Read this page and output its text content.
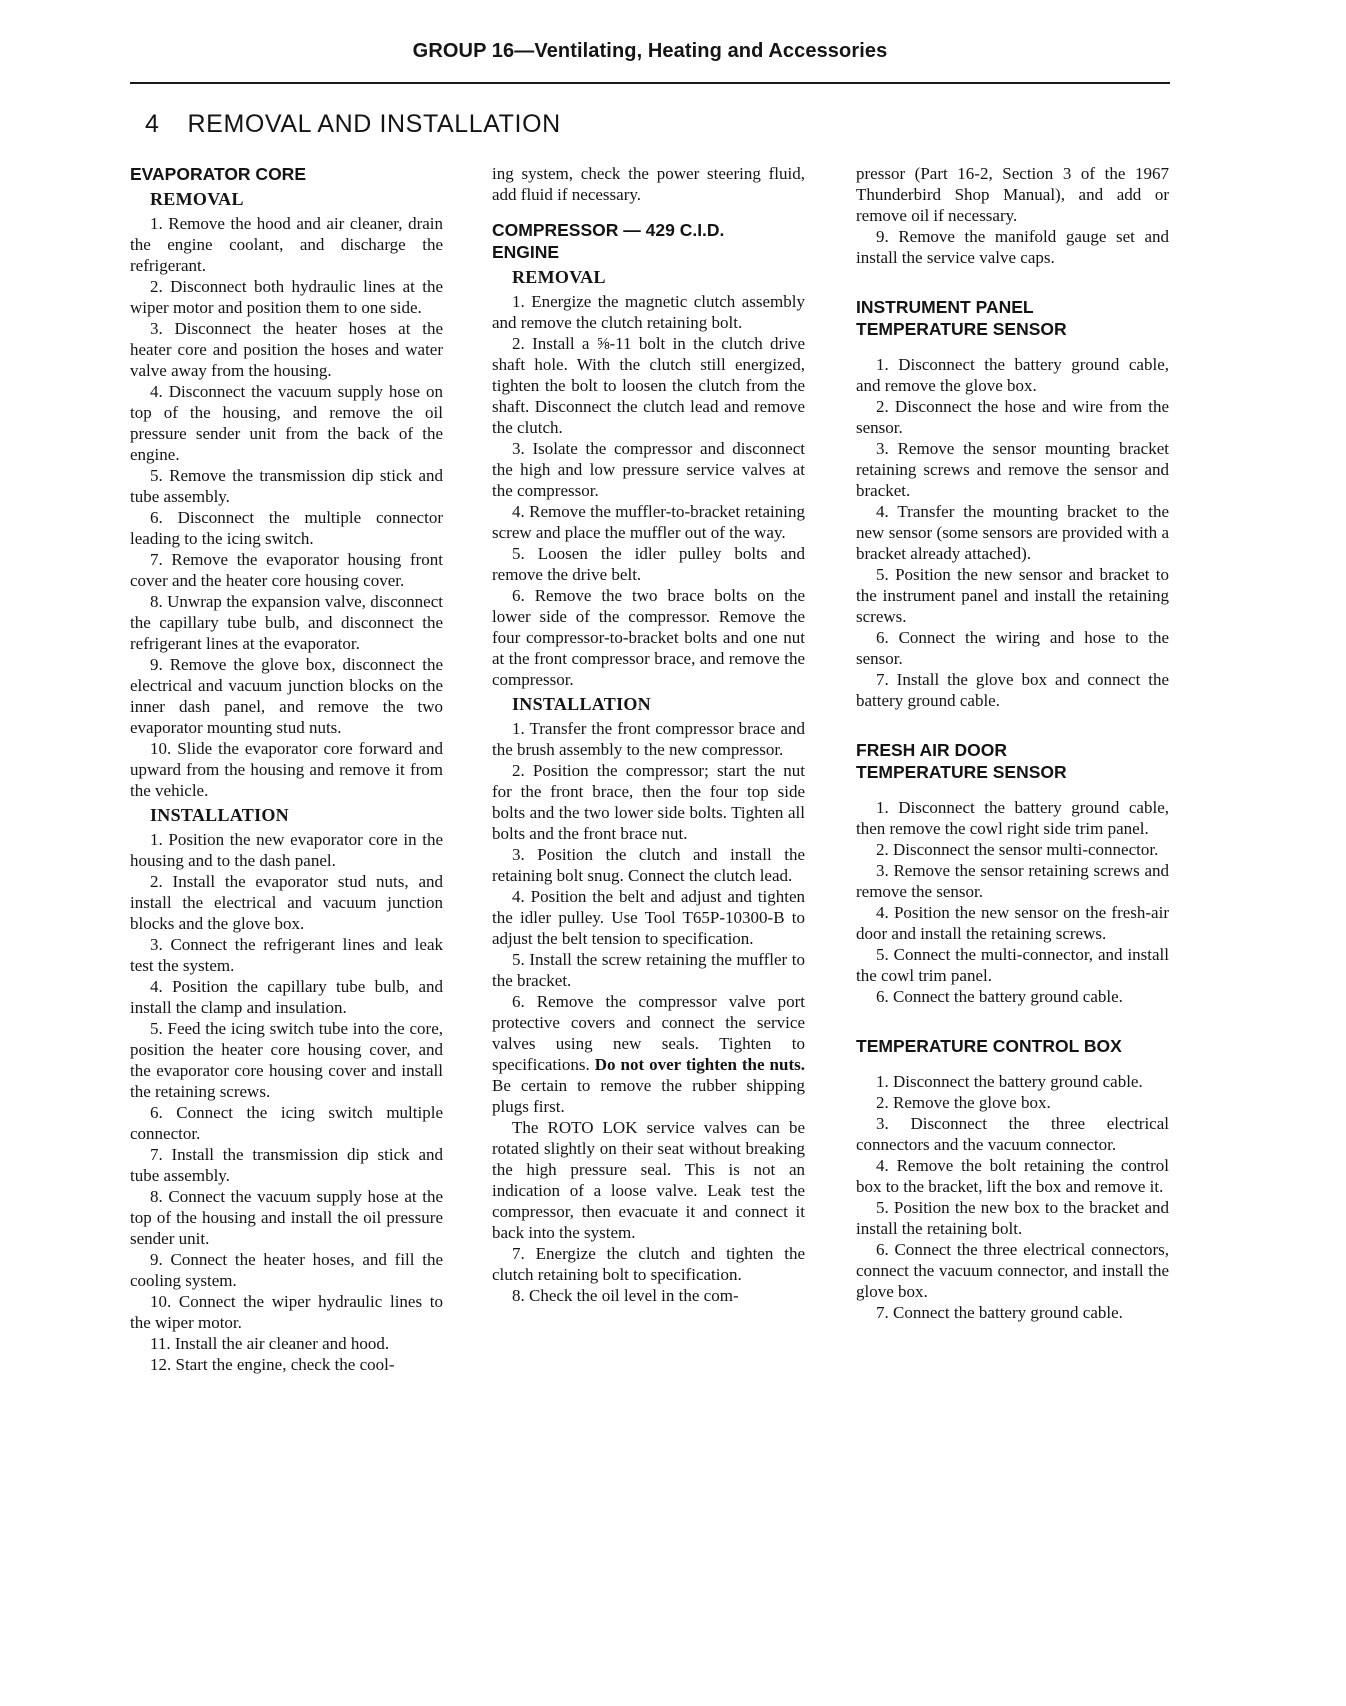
GROUP 16—Ventilating, Heating and Accessories
4 REMOVAL AND INSTALLATION
EVAPORATOR CORE
REMOVAL

1. Remove the hood and air cleaner, drain the engine coolant, and discharge the refrigerant.

2. Disconnect both hydraulic lines at the wiper motor and position them to one side.

3. Disconnect the heater hoses at the heater core and position the hoses and water valve away from the housing.

4. Disconnect the vacuum supply hose on top of the housing, and remove the oil pressure sender unit from the back of the engine.

5. Remove the transmission dip stick and tube assembly.

6. Disconnect the multiple connector leading to the icing switch.

7. Remove the evaporator housing front cover and the heater core housing cover.

8. Unwrap the expansion valve, disconnect the capillary tube bulb, and disconnect the refrigerant lines at the evaporator.

9. Remove the glove box, disconnect the electrical and vacuum junction blocks on the inner dash panel, and remove the two evaporator mounting stud nuts.

10. Slide the evaporator core forward and upward from the housing and remove it from the vehicle.

INSTALLATION

1. Position the new evaporator core in the housing and to the dash panel.

2. Install the evaporator stud nuts, and install the electrical and vacuum junction blocks and the glove box.

3. Connect the refrigerant lines and leak test the system.

4. Position the capillary tube bulb, and install the clamp and insulation.

5. Feed the icing switch tube into the core, position the heater core housing cover, and the evaporator core housing cover and install the retaining screws.

6. Connect the icing switch multiple connector.

7. Install the transmission dip stick and tube assembly.

8. Connect the vacuum supply hose at the top of the housing and install the oil pressure sender unit.

9. Connect the heater hoses, and fill the cooling system.

10. Connect the wiper hydraulic lines to the wiper motor.

11. Install the air cleaner and hood.

12. Start the engine, check the cool-

ing system, check the power steering fluid, add fluid if necessary.

COMPRESSOR — 429 C.I.D.
ENGINE
REMOVAL

1. Energize the magnetic clutch assembly and remove the clutch retaining bolt.

2. Install a ⅝-11 bolt in the clutch drive shaft hole. With the clutch still energized, tighten the bolt to loosen the clutch from the shaft. Disconnect the clutch lead and remove the clutch.

3. Isolate the compressor and disconnect the high and low pressure service valves at the compressor.

4. Remove the muffler-to-bracket retaining screw and place the muffler out of the way.

5. Loosen the idler pulley bolts and remove the drive belt.

6. Remove the two brace bolts on the lower side of the compressor. Remove the four compressor-to-bracket bolts and one nut at the front compressor brace, and remove the compressor.

INSTALLATION

1. Transfer the front compressor brace and the brush assembly to the new compressor.

2. Position the compressor; start the nut for the front brace, then the four top side bolts and the two lower side bolts. Tighten all bolts and the front brace nut.

3. Position the clutch and install the retaining bolt snug. Connect the clutch lead.

4. Position the belt and adjust and tighten the idler pulley. Use Tool T65P-10300-B to adjust the belt tension to specification.

5. Install the screw retaining the muffler to the bracket.

6. Remove the compressor valve port protective covers and connect the service valves using new seals. Tighten to specifications. Do not over tighten the nuts. Be certain to remove the rubber shipping plugs first.

The ROTO LOK service valves can be rotated slightly on their seat without breaking the high pressure seal. This is not an indication of a loose valve. Leak test the compressor, then evacuate it and connect it back into the system.

7. Energize the clutch and tighten the clutch retaining bolt to specification.

8. Check the oil level in the com-

pressor (Part 16-2, Section 3 of the 1967 Thunderbird Shop Manual), and add or remove oil if necessary.

9. Remove the manifold gauge set and install the service valve caps.

INSTRUMENT PANEL
TEMPERATURE SENSOR

1. Disconnect the battery ground cable, and remove the glove box.

2. Disconnect the hose and wire from the sensor.

3. Remove the sensor mounting bracket retaining screws and remove the sensor and bracket.

4. Transfer the mounting bracket to the new sensor (some sensors are provided with a bracket already attached).

5. Position the new sensor and bracket to the instrument panel and install the retaining screws.

6. Connect the wiring and hose to the sensor.

7. Install the glove box and connect the battery ground cable.

FRESH AIR DOOR
TEMPERATURE SENSOR

1. Disconnect the battery ground cable, then remove the cowl right side trim panel.

2. Disconnect the sensor multi-connector.

3. Remove the sensor retaining screws and remove the sensor.

4. Position the new sensor on the fresh-air door and install the retaining screws.

5. Connect the multi-connector, and install the cowl trim panel.

6. Connect the battery ground cable.

TEMPERATURE CONTROL BOX

1. Disconnect the battery ground cable.

2. Remove the glove box.

3. Disconnect the three electrical connectors and the vacuum connector.

4. Remove the bolt retaining the control box to the bracket, lift the box and remove it.

5. Position the new box to the bracket and install the retaining bolt.

6. Connect the three electrical connectors, connect the vacuum connector, and install the glove box.

7. Connect the battery ground cable.
